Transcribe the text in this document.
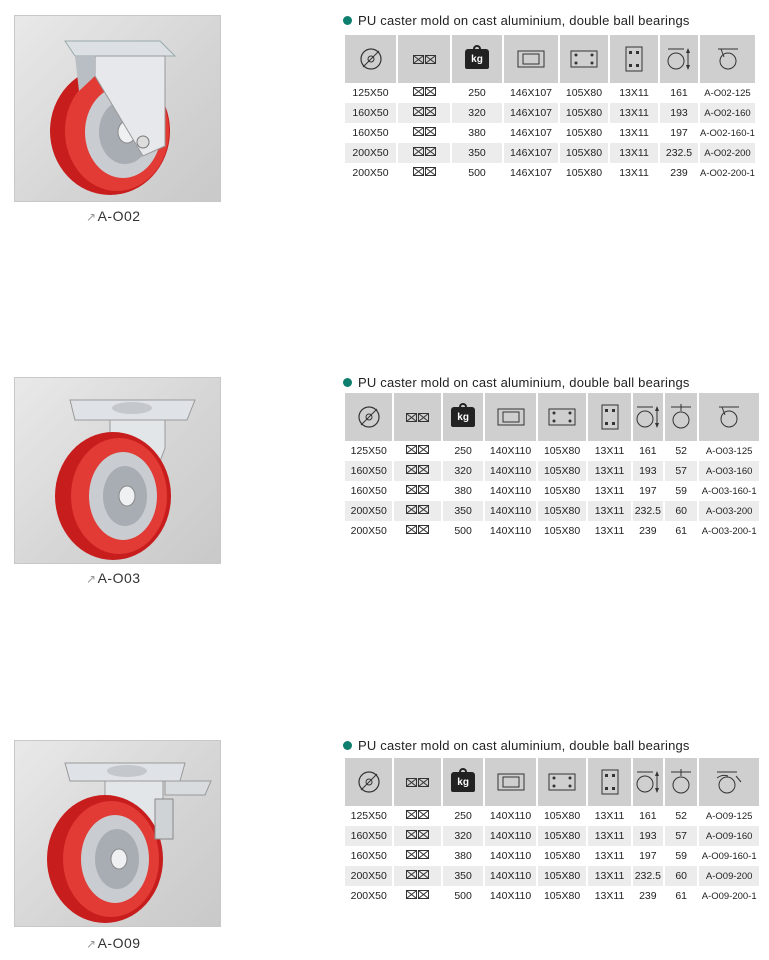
↗A-O02
PU caster mold on cast aluminium, double ball bearings

kg

125X50		250	146X107	105X80	13X11	161	A-O02-125
160X50		320	146X107	105X80	13X11	193	A-O02-160
160X50		380	146X107	105X80	13X11	197	A-O02-160-1
200X50		350	146X107	105X80	13X11	232.5	A-O02-200
200X50		500	146X107	105X80	13X11	239	A-O02-200-1
↗A-O03
PU caster mold on cast aluminium, double ball bearings

kg

125X50		250	140X110	105X80	13X11	161	52	A-O03-125
160X50		320	140X110	105X80	13X11	193	57	A-O03-160
160X50		380	140X110	105X80	13X11	197	59	A-O03-160-1
200X50		350	140X110	105X80	13X11	232.5	60	A-O03-200
200X50		500	140X110	105X80	13X11	239	61	A-O03-200-1
↗A-O09
PU caster mold on cast aluminium, double ball bearings

kg

125X50		250	140X110	105X80	13X11	161	52	A-O09-125
160X50		320	140X110	105X80	13X11	193	57	A-O09-160
160X50		380	140X110	105X80	13X11	197	59	A-O09-160-1
200X50		350	140X110	105X80	13X11	232.5	60	A-O09-200
200X50		500	140X110	105X80	13X11	239	61	A-O09-200-1
